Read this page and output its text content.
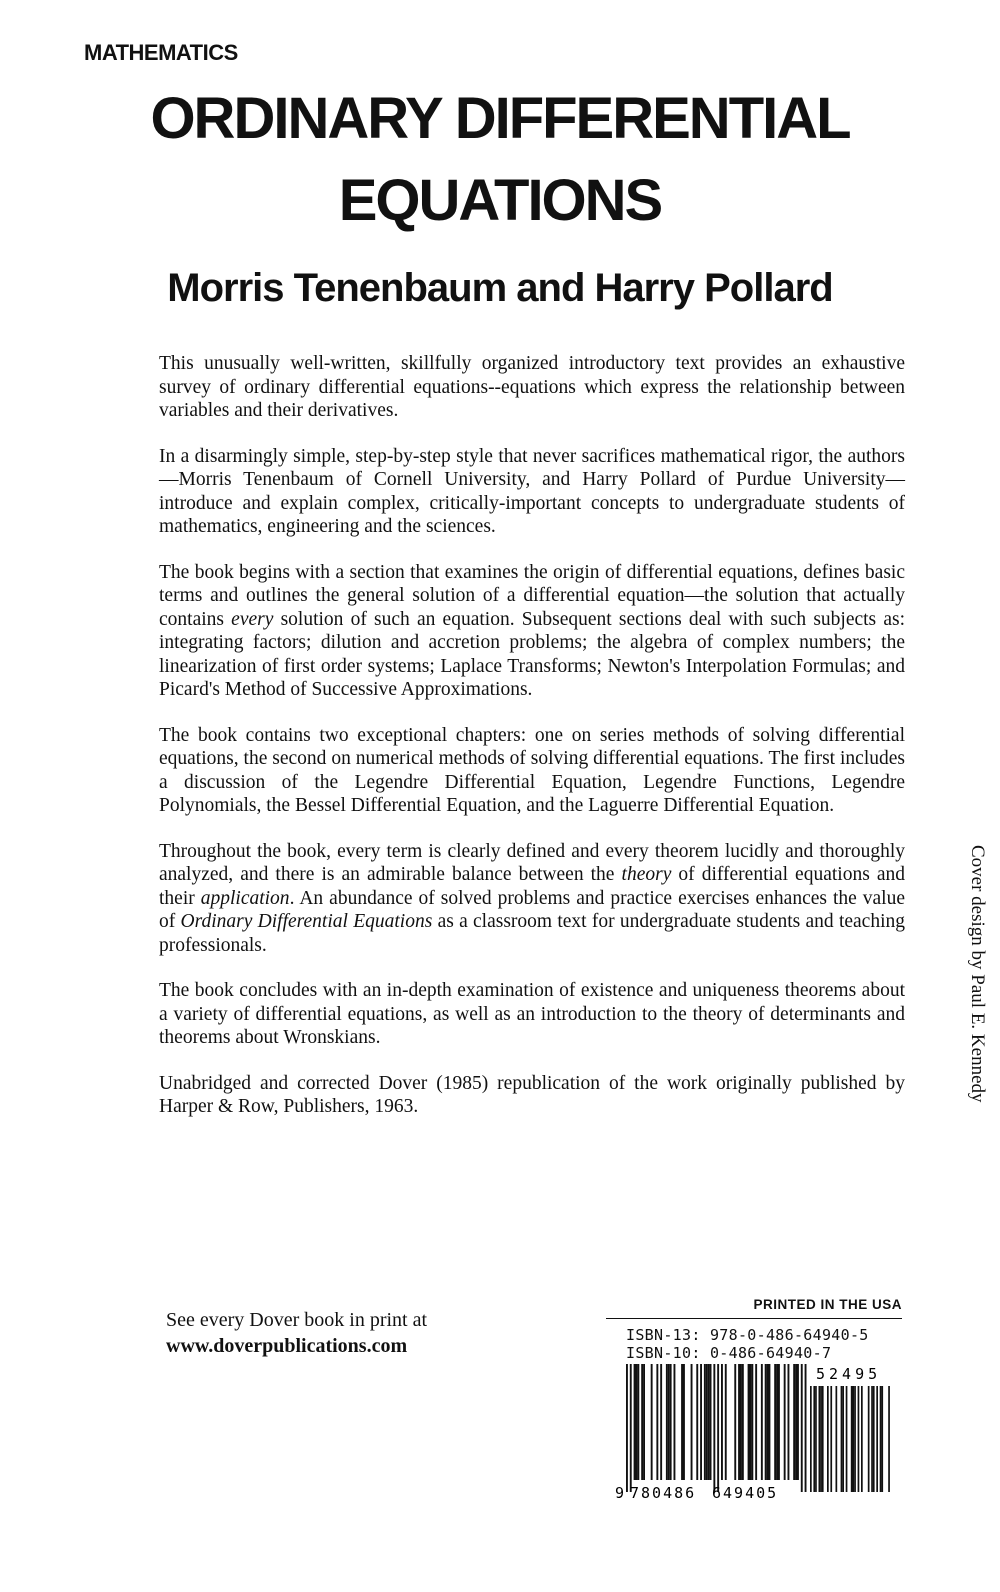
MATHEMATICS
ORDINARY DIFFERENTIAL
EQUATIONS
Morris Tenenbaum and Harry Pollard

This unusually well-written, skillfully organized introductory text provides an exhaustive survey of ordinary differential equations--equations which express the relationship between variables and their derivatives.

In a disarmingly simple, step-by-step style that never sacrifices mathematical rigor, the authors—Morris Tenenbaum of Cornell University, and Harry Pollard of Purdue University—introduce and explain complex, critically-important concepts to undergraduate students of mathematics, engineering and the sciences.

The book begins with a section that examines the origin of differential equations, defines basic terms and outlines the general solution of a differential equation—the solution that actually contains every solution of such an equation. Subsequent sections deal with such subjects as: integrating factors; dilution and accretion problems; the algebra of complex numbers; the linearization of first order systems; Laplace Transforms; Newton's Interpolation Formulas; and Picard's Method of Successive Approximations.

The book contains two exceptional chapters: one on series methods of solving differential equations, the second on numerical methods of solving differential equations. The first includes a discussion of the Legendre Differential Equation, Legendre Functions, Legendre Polynomials, the Bessel Differential Equation, and the Laguerre Differential Equation.

Throughout the book, every term is clearly defined and every theorem lucidly and thoroughly analyzed, and there is an admirable balance between the theory of differential equations and their application. An abundance of solved problems and practice exercises enhances the value of Ordinary Differential Equations as a classroom text for undergraduate students and teaching professionals.

The book concludes with an in-depth examination of existence and uniqueness theorems about a variety of differential equations, as well as an introduction to the theory of determinants and theorems about Wronskians.

Unabridged and corrected Dover (1985) republication of the work originally published by Harper & Row, Publishers, 1963.

Cover design by Paul E. Kennedy
See every Dover book in print at
www.doverpublications.com
PRINTED IN THE USA
ISBN-13: 978-0-486-64940-5
ISBN-10: 0-486-64940-7
9 780486 649405
52495
